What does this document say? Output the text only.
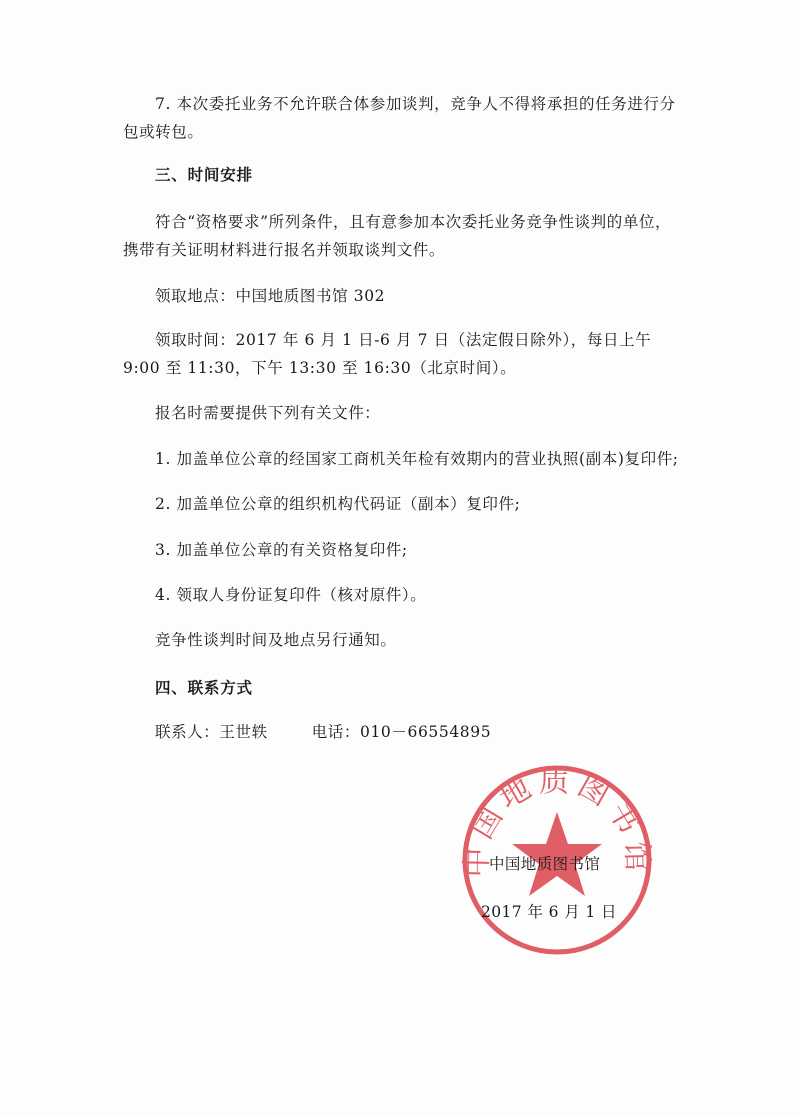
7. 本次委托业务不允许联合体参加谈判，竞争人不得将承担的任务进行分包或转包。

三、时间安排

符合“资格要求”所列条件，且有意参加本次委托业务竞争性谈判的单位，携带有关证明材料进行报名并领取谈判文件。

领取地点：中国地质图书馆 302

领取时间：2017 年 6 月 1 日-6 月 7 日（法定假日除外），每日上午 9:00 至 11:30，下午 13:30 至 16:30（北京时间）。

报名时需要提供下列有关文件：

1. 加盖单位公章的经国家工商机关年检有效期内的营业执照(副本)复印件;

2. 加盖单位公章的组织机构代码证（副本）复印件;

3. 加盖单位公章的有关资格复印件;

4. 领取人身份证复印件（核对原件）。

竞争性谈判时间及地点另行通知。

四、联系方式

联系人：王世轶	电话：010－66554895

中国地质图书馆
中国地质图书馆
2017 年 6 月 1 日
